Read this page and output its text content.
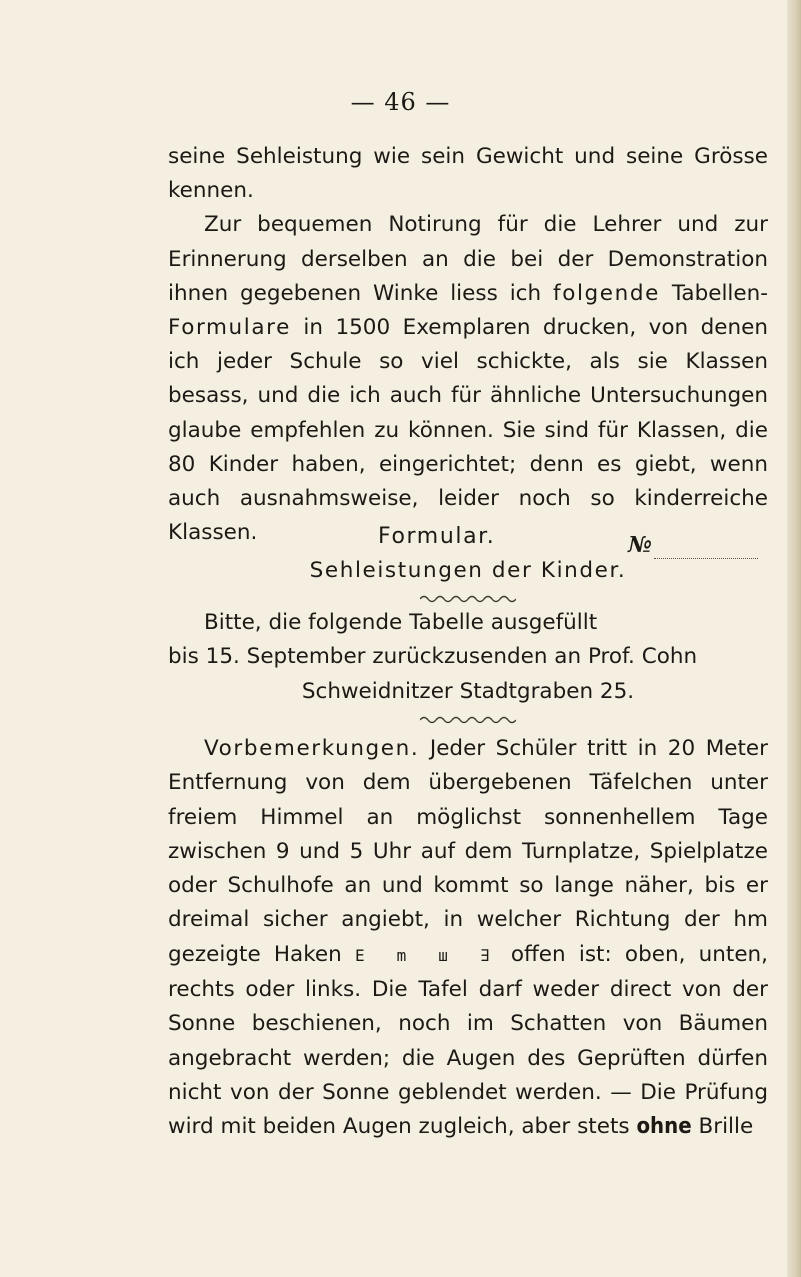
— 46 —

seine Sehleistung wie sein Gewicht und seine Grösse kennen.

Zur bequemen Notirung für die Lehrer und zur Erinnerung derselben an die bei der Demonstration ihnen gegebenen Winke liess ich folgende Tabellen-Formulare in 1500 Exemplaren drucken, von denen ich jeder Schule so viel schickte, als sie Klassen besass, und die ich auch für ähnliche Untersuchungen glaube empfehlen zu können. Sie sind für Klassen, die 80 Kinder haben, eingerichtet; denn es giebt, wenn auch ausnahmsweise, leider noch so kinderreiche Klassen.	Formular.	№
Sehleistungen der Kinder.
Bitte, die folgende Tabelle ausgefüllt
bis 15. September zurückzusenden an Prof. Cohn
Schweidnitzer Stadtgraben 25.

Vorbemerkungen. Jeder Schüler tritt in 20 Meter Entfernung von dem übergebenen Täfelchen unter freiem Himmel an möglichst sonnenhellem Tage zwischen 9 und 5 Uhr auf dem Turnplatze, Spielplatze oder Schulhofe an und kommt so lange näher, bis er dreimal sicher angiebt, in welcher Richtung der hm gezeigte Haken E m ш ∃ offen ist: oben, unten, rechts oder links. Die Tafel darf weder direct von der Sonne beschienen, noch im Schatten von Bäumen angebracht werden; die Augen des Geprüften dürfen nicht von der Sonne geblendet werden. — Die Prüfung wird mit beiden Augen zugleich, aber stets ohne Brille
